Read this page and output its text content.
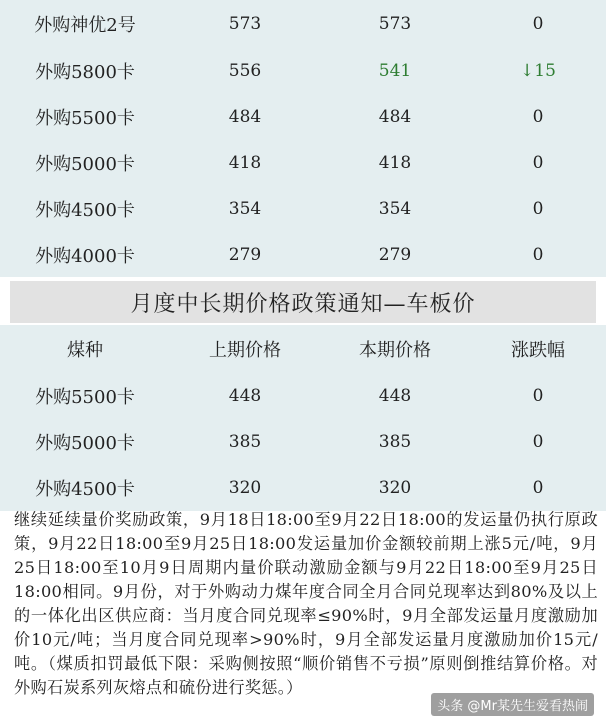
外购神优2号	573	573	0
外购5800卡	556	541	↓15
外购5500卡	484	484	0
外购5000卡	418	418	0
外购4500卡	354	354	0
外购4000卡	279	279	0
月度中长期价格政策通知—车板价
煤种	上期价格	本期价格	涨跌幅
外购5500卡	448	448	0
外购5000卡	385	385	0
外购4500卡	320	320	0
继续延续量价奖励政策，9月18日18:00至9月22日18:00的发运量仍执行原政策，9月22日18:00至9月25日18:00发运量加价金额较前期上涨5元/吨，9月25日18:00至10月9日周期内量价联动激励金额与9月22日18:00至9月25日18:00相同。9月份，对于外购动力煤年度合同全月合同兑现率达到80%及以上的一体化出区供应商：当月度合同兑现率≤90%时，9月全部发运量月度激励加价10元/吨；当月度合同兑现率>90%时，9月全部发运量月度激励加价15元/吨。（煤质扣罚最低下限：采购侧按照“顺价销售不亏损”原则倒推结算价格。对外购石炭系列灰熔点和硫份进行奖惩。）
头条 @Mr某先生爱看热闹
